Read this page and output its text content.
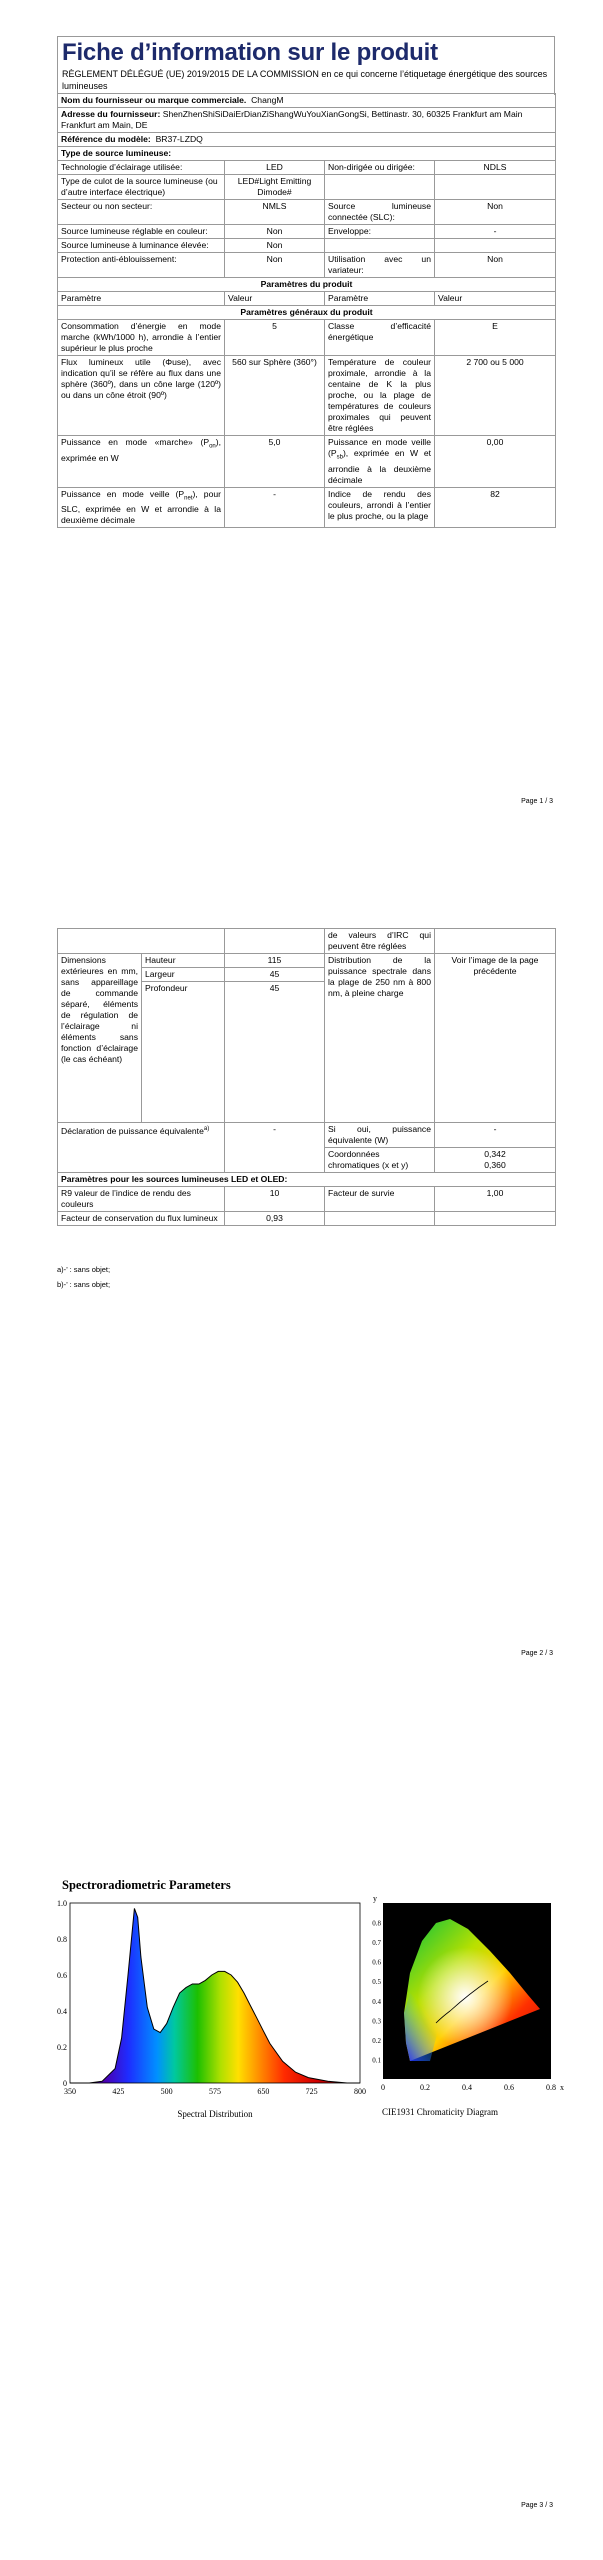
Fiche d’information sur le produit
RÈGLEMENT DÉLÉGUÉ (UE) 2019/2015 DE LA COMMISSION en ce qui concerne l’étiquetage énergétique des sources lumineuses
Nom du fournisseur ou marque commerciale. ChangM			
Adresse du fournisseur: ShenZhenShiSiDaiErDianZiShangWuYouXianGongSi, Bettinastr. 30, 60325 Frankfurt am Main Frankfurt am Main, DE			
Référence du modèle: BR37-LZDQ			
Type de source lumineuse:			
Technologie d’éclairage utilisée:	LED	Non-dirigée ou dirigée:	NDLS
Type de culot de la source lumineuse (ou d’autre interface électrique)	LED#Light Emitting Dimode#		
Secteur ou non secteur:	NMLS	Source lumineuse connectée (SLC):	Non
Source lumineuse réglable en couleur:	Non	Enveloppe:	-
Source lumineuse à luminance élevée:	Non		
Protection anti-éblouissement:	Non	Utilisation avec un variateur:	Non
Paramètres du produit			
Paramètre	Valeur	Paramètre	Valeur
Paramètres généraux du produit			
Consommation d’énergie en mode marche (kWh/1000 h), arrondie à l’entier supérieur le plus proche	5	Classe d’efficacité énergétique	E
Flux lumineux utile (Φuse), avec indication qu’il se réfère au flux dans une sphère (360º), dans un cône large (120º) ou dans un cône étroit (90º)	560 sur Sphère (360°)	Température de couleur proximale, arrondie à la centaine de K la plus proche, ou la plage de températures de couleurs proximales qui peuvent être réglées	2 700 ou 5 000
Puissance en mode «marche» $(P_{on})$, exprimée en W	5,0	Puissance en mode veille $(P_{sb})$, exprimée en W et arrondie à la deuxième décimale	0,00
Puissance en mode veille $(P_{net})$, pour SLC, exprimée en W et arrondie à la deuxième décimale	-	Indice de rendu des couleurs, arrondi à l’entier le plus proche, ou la plage	82
Page 1 / 3
			de valeurs d’IRC qui peuvent être réglées	
Dimensions extérieures en mm, sans appareillage de commande séparé, éléments de régulation de l’éclairage ni éléments sans fonction d’éclairage (le cas échéant)	Hauteur	115	Distribution de la puissance spectrale dans la plage de 250 nm à 800 nm, à pleine charge	Voir l’image de la page précédente
	Largeur	45		
	Profondeur	45		
Déclaration de puissance équivalente$^{a)}$		-	Si oui, puissance équivalente (W)	-
			Coordonnées chromatiques (x et y)	0,342
0,360

Paramètres pour les sources lumineuses LED et OLED:				
R9 valeur de l’indice de rendu des couleurs		10	Facteur de survie	1,00
Facteur de conservation du flux lumineux		0,93		
a)-’ : sans objet;
b)-’ : sans objet;
Page 2 / 3
Spectroradiometric Parameters
350	425	500	575	650	725	800
0
0.2
0.4
0.6
0.8
1.0
Spectral Distribution
0	0.2	0.4	0.6	0.8
0.1
0.2
0.3
0.4
0.5
0.6
0.7
0.8
x
y
CIE1931 Chromaticity Diagram
Page 3 / 3
